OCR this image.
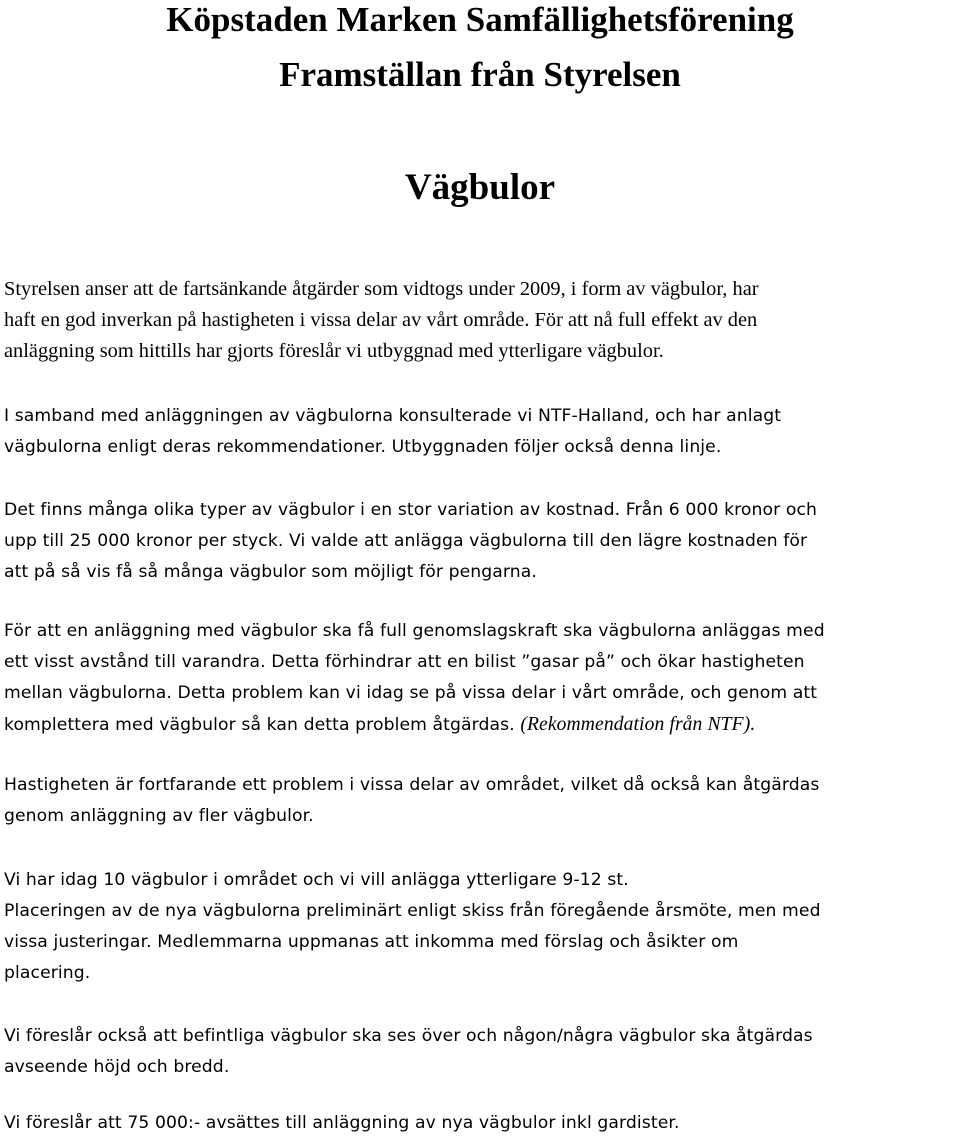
Köpstaden Marken Samfällighetsförening
Framställan från Styrelsen
Vägbulor
Styrelsen anser att de fartsänkande åtgärder som vidtogs under 2009, i form av vägbulor, har
haft en god inverkan på hastigheten i vissa delar av vårt område. För att nå full effekt av den
anläggning som hittills har gjorts föreslår vi utbyggnad med ytterligare vägbulor.
I samband med anläggningen av vägbulorna konsulterade vi NTF-Halland, och har anlagt
vägbulorna enligt deras rekommendationer. Utbyggnaden följer också denna linje.
Det finns många olika typer av vägbulor i en stor variation av kostnad. Från 6 000 kronor och
upp till 25 000 kronor per styck. Vi valde att anlägga vägbulorna till den lägre kostnaden för
att på så vis få så många vägbulor som möjligt för pengarna.
För att en anläggning med vägbulor ska få full genomslagskraft ska vägbulorna anläggas med
ett visst avstånd till varandra. Detta förhindrar att en bilist ”gasar på” och ökar hastigheten
mellan vägbulorna. Detta problem kan vi idag se på vissa delar i vårt område, och genom att
komplettera med vägbulor så kan detta problem åtgärdas. (Rekommendation från NTF).
Hastigheten är fortfarande ett problem i vissa delar av området, vilket då också kan åtgärdas
genom anläggning av fler vägbulor.
Vi har idag 10 vägbulor i området och vi vill anlägga ytterligare 9-12 st.
Placeringen av de nya vägbulorna preliminärt enligt skiss från föregående årsmöte, men med
vissa justeringar. Medlemmarna uppmanas att inkomma med förslag och åsikter om
placering.
Vi föreslår också att befintliga vägbulor ska ses över och någon/några vägbulor ska åtgärdas
avseende höjd och bredd.
Vi föreslår att 75 000:- avsättes till anläggning av nya vägbulor inkl gardister.
